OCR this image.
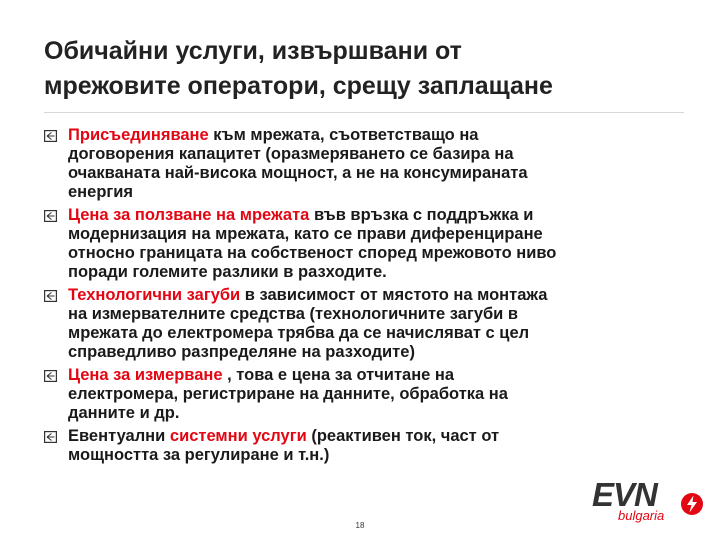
Обичайни услуги, извършвани от
мрежовите оператори, срещу заплащане
Присъединяване към мрежата, съответстващо на
договорения капацитет (оразмеряването се базира на
очакваната най-висока мощност, а не на консумираната
енергия
Цена за ползване на мрежата във връзка с поддръжка и
модернизация на мрежата, като се прави диференциране
относно границата на собственост според мрежовото ниво
поради големите разлики в разходите.
Технологични загуби в зависимост от мястото на монтажа
на измервателните средства (технологичните загуби в
мрежата до електромера трябва да се начисляват с цел
справедливо разпределяне на разходите)
Цена за измерване , това е цена за отчитане на
електромера, регистриране на данните, обработка на
данните и др.
Евентуални системни услуги (реактивен ток, част от
мощността за регулиране и т.н.)
18
EVN
bulgaria
